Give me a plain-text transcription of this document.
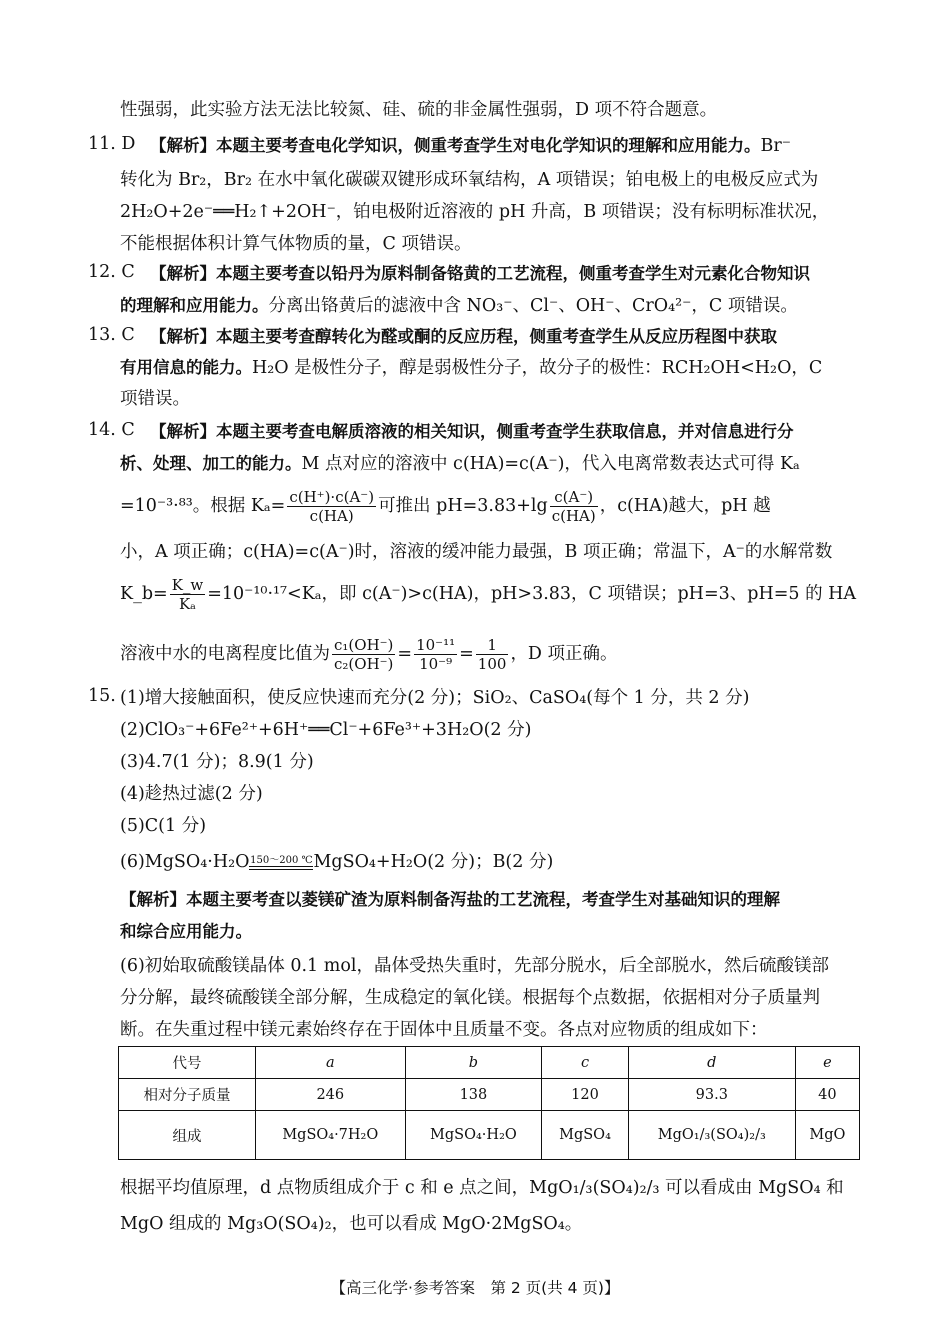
性强弱，此实验方法无法比较氮、硅、硫的非金属性强弱，D 项不符合题意。
11. D 【解析】本题主要考查电化学知识，侧重考查学生对电化学知识的理解和应用能力。Br⁻
转化为 Br₂，Br₂ 在水中氧化碳碳双键形成环氧结构，A 项错误；铂电极上的电极反应式为
2H₂O+2e⁻══H₂↑+2OH⁻，铂电极附近溶液的 pH 升高，B 项错误；没有标明标准状况，
不能根据体积计算气体物质的量，C 项错误。
12. C 【解析】本题主要考查以铅丹为原料制备铬黄的工艺流程，侧重考查学生对元素化合物知识
的理解和应用能力。分离出铬黄后的滤液中含 NO₃⁻、Cl⁻、OH⁻、CrO₄²⁻，C 项错误。
13. C 【解析】本题主要考查醇转化为醛或酮的反应历程，侧重考查学生从反应历程图中获取
有用信息的能力。H₂O 是极性分子，醇是弱极性分子，故分子的极性：RCH₂OH<H₂O，C
项错误。
14. C 【解析】本题主要考查电解质溶液的相关知识，侧重考查学生获取信息，并对信息进行分
析、处理、加工的能力。M 点对应的溶液中 c(HA)=c(A⁻)，代入电离常数表达式可得 Kₐ
=10⁻³·⁸³。根据 $K_a= \frac{c(H^+)\cdot c(A^-)}{c(HA)}$ 可推出 $pH=3.83+\lg \frac{c(A^-)}{c(HA)}$ ，c(HA)越大，pH 越
小，A 项正确；c(HA)=c(A⁻)时，溶液的缓冲能力最强，B 项正确；常温下，A⁻的水解常数
K_b= $\frac{K\_w}{\text{Kₐ}} =10^{-10}\cdot^{17}<K_a$，即 c(A⁻)>c(HA)，pH>3.83，C 项错误；pH=3、pH=5 的 HA
溶液中水的电离程度比值为 $\frac{\text{c₁(OH⁻)}}{\text{c₂(OH⁻)}} = \frac{\text{10⁻¹¹}}{\text{10⁻⁹}} = \frac{1}{100}$ ，D 项正确。
15. (1)增大接触面积，使反应快速而充分(2 分)；SiO₂、CaSO₄(每个 1 分，共 2 分)
(2)ClO₃⁻+6Fe²⁺+6H⁺══Cl⁻+6Fe³⁺+3H₂O(2 分)
(3)4.7(1 分)；8.9(1 分)
(4)趁热过滤(2 分)
(5)C(1 分)
(6)MgSO₄·H₂O 150～200 ℃ MgSO₄+H₂O(2 分)；B(2 分)
【解析】本题主要考查以菱镁矿渣为原料制备泻盐的工艺流程，考查学生对基础知识的理解
和综合应用能力。
(6)初始取硫酸镁晶体 0.1 mol，晶体受热失重时，先部分脱水，后全部脱水，然后硫酸镁部
分分解，最终硫酸镁全部分解，生成稳定的氧化镁。根据每个点数据，依据相对分子质量判
断。在失重过程中镁元素始终存在于固体中且质量不变。各点对应物质的组成如下：
代号	a	b	c	d	e
相对分子质量	246	138	120	93.3	40
组成	MgSO₄·7H₂O	MgSO₄·H₂O	MgSO₄	MgO₁/₃(SO₄)₂/₃	MgO
根据平均值原理，d 点物质组成介于 c 和 e 点之间，MgO₁/₃(SO₄)₂/₃ 可以看成由 MgSO₄ 和
MgO 组成的 Mg₃O(SO₄)₂，也可以看成 MgO·2MgSO₄。
【高三化学·参考答案　第 2 页(共 4 页)】
